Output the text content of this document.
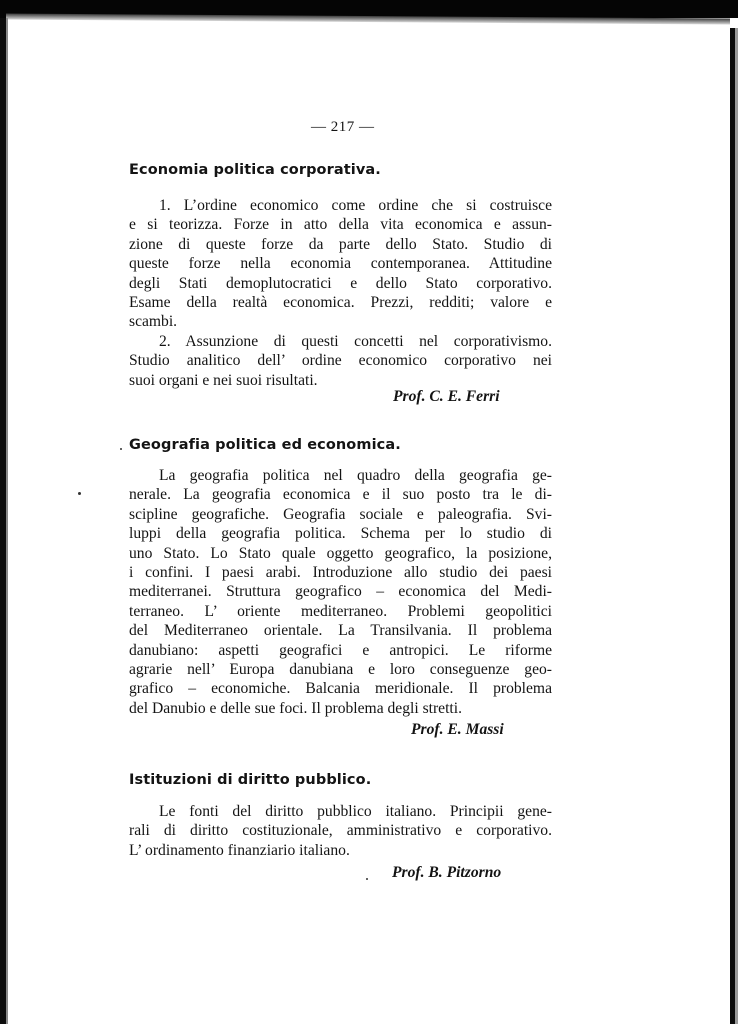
— 217 —
Economia politica corporativa.
1. L’ordine economico come ordine che si costruisce
e si teorizza. Forze in atto della vita economica e assun-
zione di queste forze da parte dello Stato. Studio di
queste forze nella economia contemporanea. Attitudine
degli Stati demoplutocratici e dello Stato corporativo.
Esame della realtà economica. Prezzi, redditi; valore e
scambi.
2. Assunzione di questi concetti nel corporativismo.
Studio analitico dell’ ordine economico corporativo nei
suoi organi e nei suoi risultati.
Prof. C. E. Ferri
Geografia politica ed economica.
La geografia politica nel quadro della geografia ge-
nerale. La geografia economica e il suo posto tra le di-
scipline geografiche. Geografia sociale e paleografia. Svi-
luppi della geografia politica. Schema per lo studio di
uno Stato. Lo Stato quale oggetto geografico, la posizione,
i confini. I paesi arabi. Introduzione allo studio dei paesi
mediterranei. Struttura geografico – economica del Medi-
terraneo. L’ oriente mediterraneo. Problemi geopolitici
del Mediterraneo orientale. La Transilvania. Il problema
danubiano: aspetti geografici e antropici. Le riforme
agrarie nell’ Europa danubiana e loro conseguenze geo-
grafico – economiche. Balcania meridionale. Il problema
del Danubio e delle sue foci. Il problema degli stretti.
Prof. E. Massi
Istituzioni di diritto pubblico.
Le fonti del diritto pubblico italiano. Principii gene-
rali di diritto costituzionale, amministrativo e corporativo.
L’ ordinamento finanziario italiano.
Prof. B. Pitzorno
